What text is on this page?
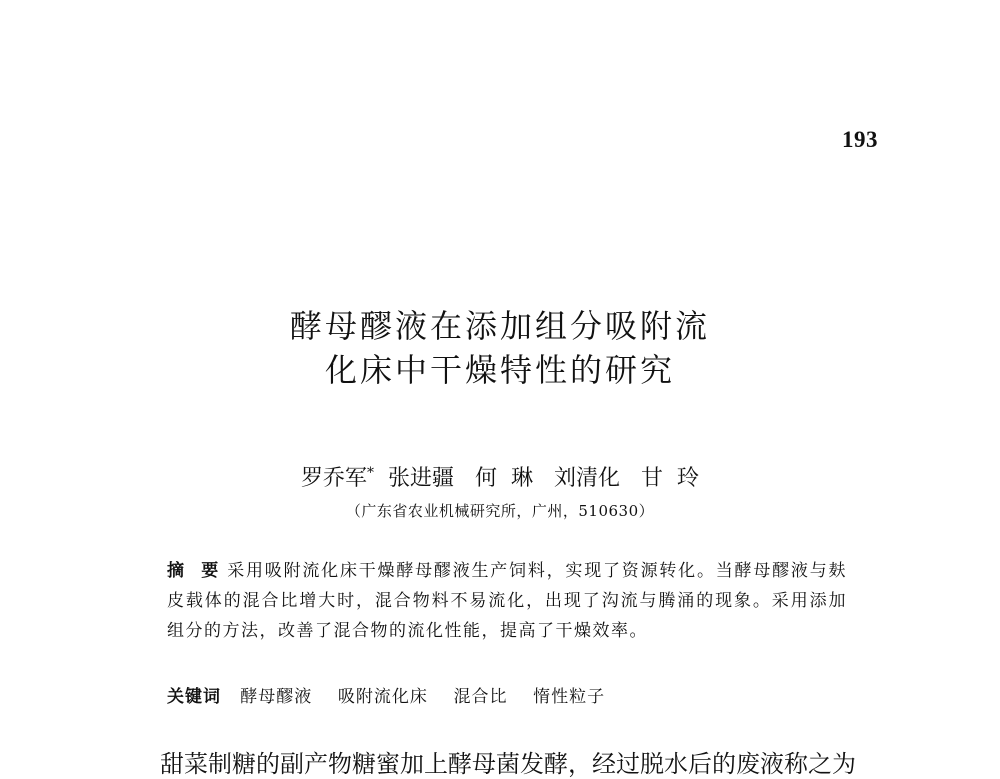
193
酵母醪液在添加组分吸附流
化床中干燥特性的研究
罗乔军*  张进疆   何  琳   刘清化   甘  玲
（广东省农业机械研究所，广州，510630）
摘  要 采用吸附流化床干燥酵母醪液生产饲料，实现了资源转化。当酵母醪液与麸皮载体的混合比增大时，混合物料不易流化，出现了沟流与腾涌的现象。采用添加组分的方法，改善了混合物的流化性能，提高了干燥效率。
关键词 酵母醪液    吸附流化床    混合比    惰性粒子
甜菜制糖的副产物糖蜜加上酵母菌发酵，经过脱水后的废液称之为
